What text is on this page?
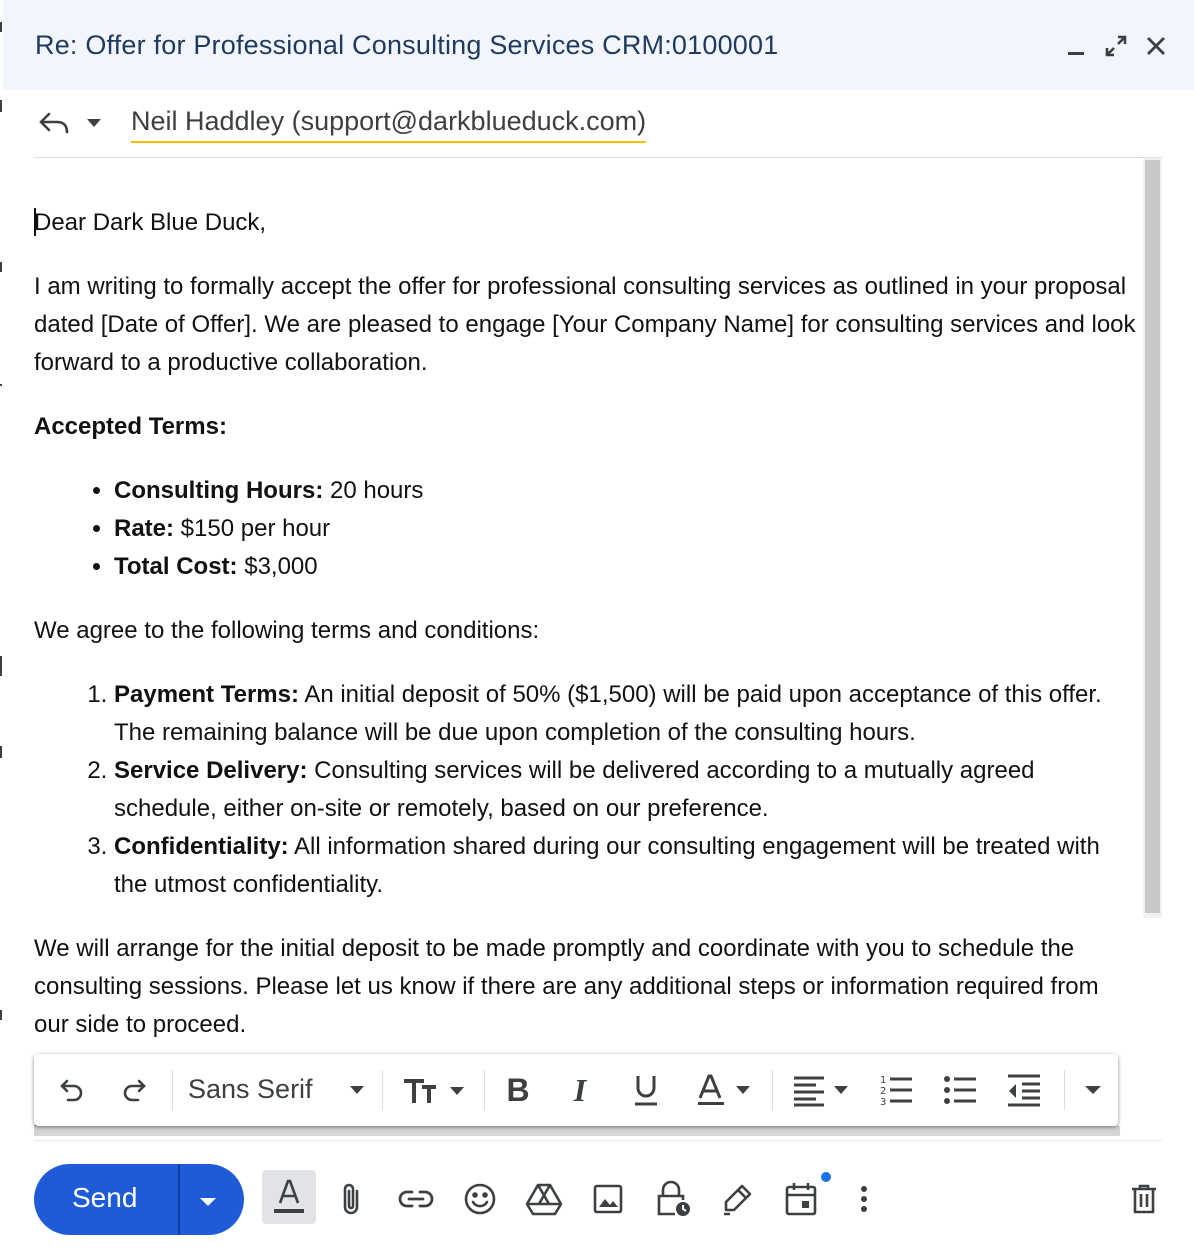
Re: Offer for Professional Consulting Services CRM:0100001
Neil Haddley (support@darkblueduck.com)

Dear Dark Blue Duck,

I am writing to formally accept the offer for professional consulting services as outlined in your proposal dated [Date of Offer]. We are pleased to engage [Your Company Name] for consulting services and look forward to a productive collaboration.

Accepted Terms:

• Consulting Hours: 20 hours
• Rate: $150 per hour
• Total Cost: $3,000

We agree to the following terms and conditions:

1. Payment Terms: An initial deposit of 50% ($1,500) will be paid upon acceptance of this offer. The remaining balance will be due upon completion of the consulting hours.
2. Service Delivery: Consulting services will be delivered according to a mutually agreed schedule, either on-site or remotely, based on our preference.
3. Confidentiality: All information shared during our consulting engagement will be treated with the utmost confidentiality.

We will arrange for the initial deposit to be made promptly and coordinate with you to schedule the consulting sessions. Please let us know if there are any additional steps or information required from our side to proceed.

Sans Serif	B	I	1
2
3
Send
